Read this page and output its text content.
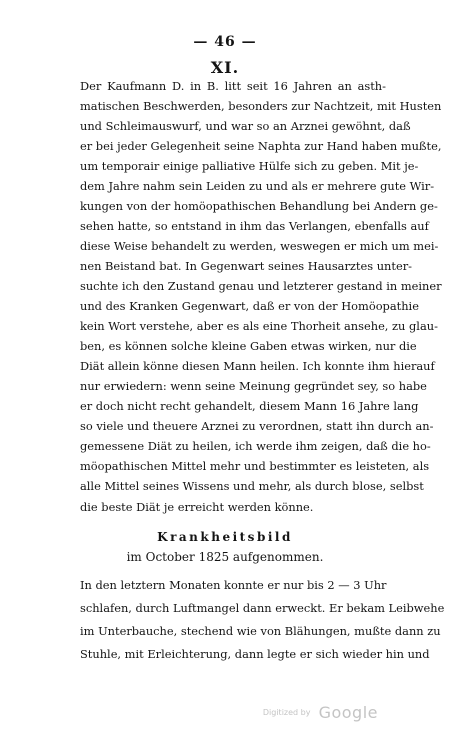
— 46 —
XI.
Der Kaufmann D. in B. litt seit 16 Jahren an asth-
matischen Beschwerden, besonders zur Nachtzeit, mit Husten
und Schleimauswurf, und war so an Arznei gewöhnt, daß
er bei jeder Gelegenheit seine Naphta zur Hand haben mußte,
um temporair einige palliative Hülfe sich zu geben. Mit je-
dem Jahre nahm sein Leiden zu und als er mehrere gute Wir-
kungen von der homöopathischen Behandlung bei Andern ge-
sehen hatte, so entstand in ihm das Verlangen, ebenfalls auf
diese Weise behandelt zu werden, weswegen er mich um mei-
nen Beistand bat. In Gegenwart seines Hausarztes unter-
suchte ich den Zustand genau und letzterer gestand in meiner
und des Kranken Gegenwart, daß er von der Homöopathie
kein Wort verstehe, aber es als eine Thorheit ansehe, zu glau-
ben, es können solche kleine Gaben etwas wirken, nur die
Diät allein könne diesen Mann heilen. Ich konnte ihm hierauf
nur erwiedern: wenn seine Meinung gegründet sey, so habe
er doch nicht recht gehandelt, diesem Mann 16 Jahre lang
so viele und theuere Arznei zu verordnen, statt ihn durch an-
gemessene Diät zu heilen, ich werde ihm zeigen, daß die ho-
möopathischen Mittel mehr und bestimmter es leisteten, als
alle Mittel seines Wissens und mehr, als durch blose, selbst
die beste Diät je erreicht werden könne.
Krankheitsbild
im October 1825 aufgenommen.
In den letztern Monaten konnte er nur bis 2 — 3 Uhr
schlafen, durch Luftmangel dann erweckt. Er bekam Leibwehe
im Unterbauche, stechend wie von Blähungen, mußte dann zu
Stuhle, mit Erleichterung, dann legte er sich wieder hin und
Digitized by Google
